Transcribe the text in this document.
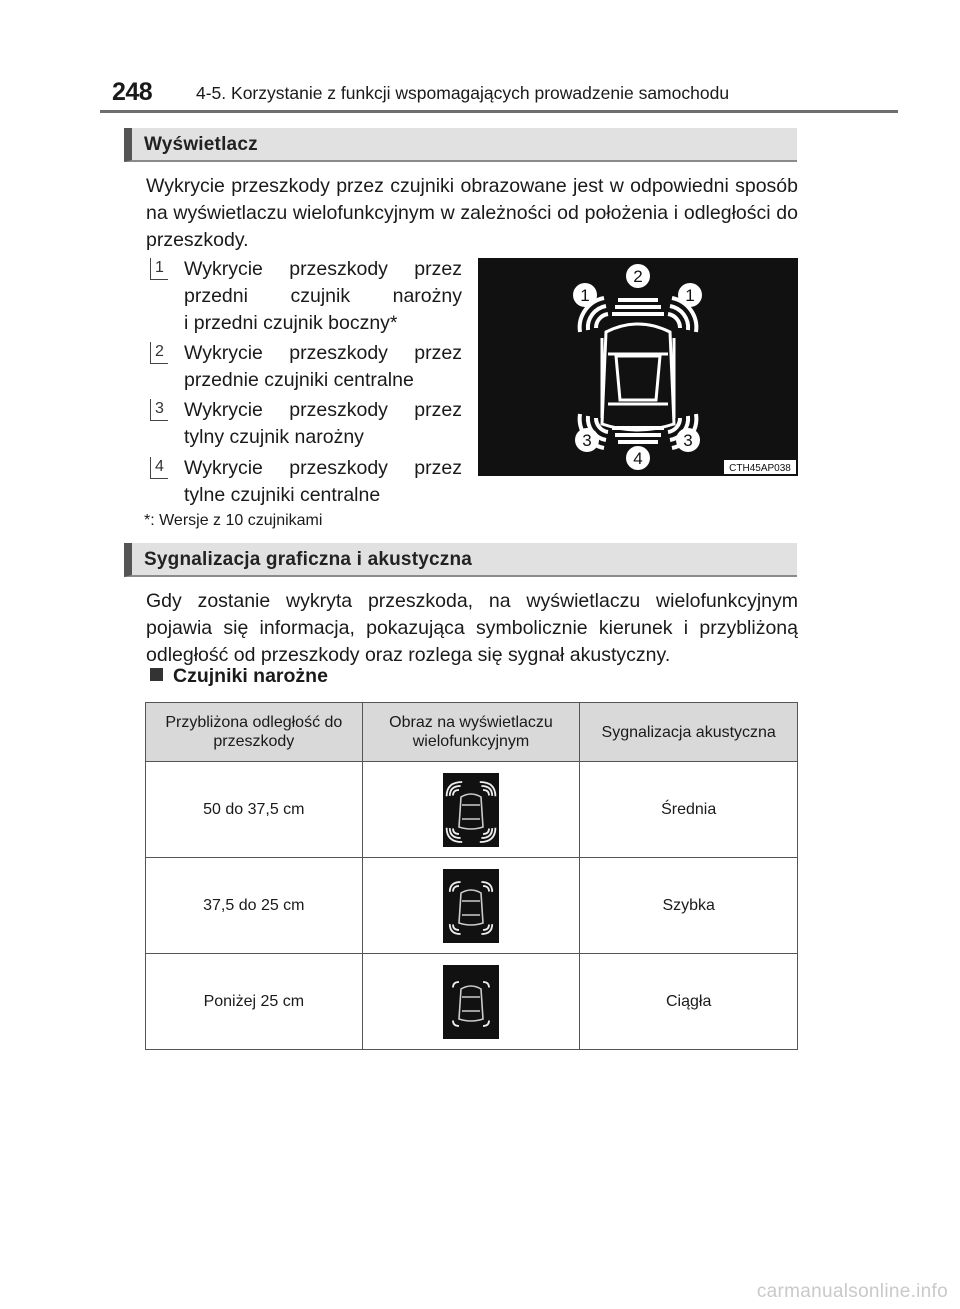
248	4-5. Korzystanie z funkcji wspomagających prowadzenie samochodu
Wyświetlacz
Wykrycie przeszkody przez czujniki obrazowane jest w odpowiedni sposób na wyświetlaczu wielofunkcyjnym w zależności od położenia i odległości do przeszkody.
1 Wykrycie przeszkody przez przedni czujnik narożny
i przedni czujnik boczny*
2 Wykrycie przeszkody przez
przednie czujniki centralne
3 Wykrycie przeszkody przez
tylny czujnik narożny
4 Wykrycie przeszkody przez
tylne czujniki centralne
*: Wersje z 10 czujnikami
1
2
1
3
4
3
CTH45AP038
Sygnalizacja graficzna i akustyczna
Gdy zostanie wykryta przeszkoda, na wyświetlaczu wielofunkcyjnym pojawia się informacja, pokazująca symbolicznie kierunek i przybliżoną odległość od przeszkody oraz rozlega się sygnał akustyczny.
Czujniki narożne
Przybliżona odległość do przeszkody	Obraz na wyświetlaczu wielofunkcyjnym	Sygnalizacja akustyczna
50 do 37,5 cm		Średnia
37,5 do 25 cm		Szybka
Poniżej 25 cm		Ciągła
carmanualsonline.info
